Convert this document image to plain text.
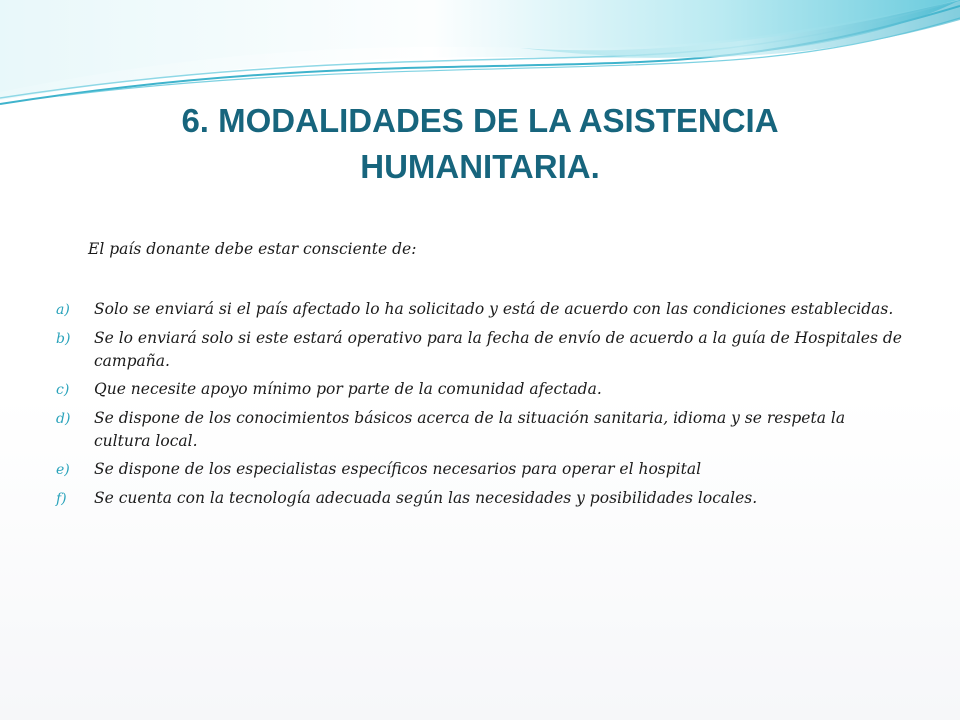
6. MODALIDADES DE LA ASISTENCIA HUMANITARIA.

El país donante debe estar consciente de:

a)	Solo se enviará si el país afectado lo ha solicitado y está de acuerdo con las condiciones establecidas.
b)	Se lo enviará solo si este estará operativo para la fecha de envío de acuerdo a la guía de Hospitales de campaña.
c)	Que necesite apoyo mínimo por parte de la comunidad afectada.
d)	Se dispone de los conocimientos básicos acerca de la situación sanitaria, idioma y se respeta la cultura local.
e)	Se dispone de los especialistas específicos necesarios para operar el hospital
f)	Se cuenta con la tecnología adecuada según las necesidades y posibilidades locales.
